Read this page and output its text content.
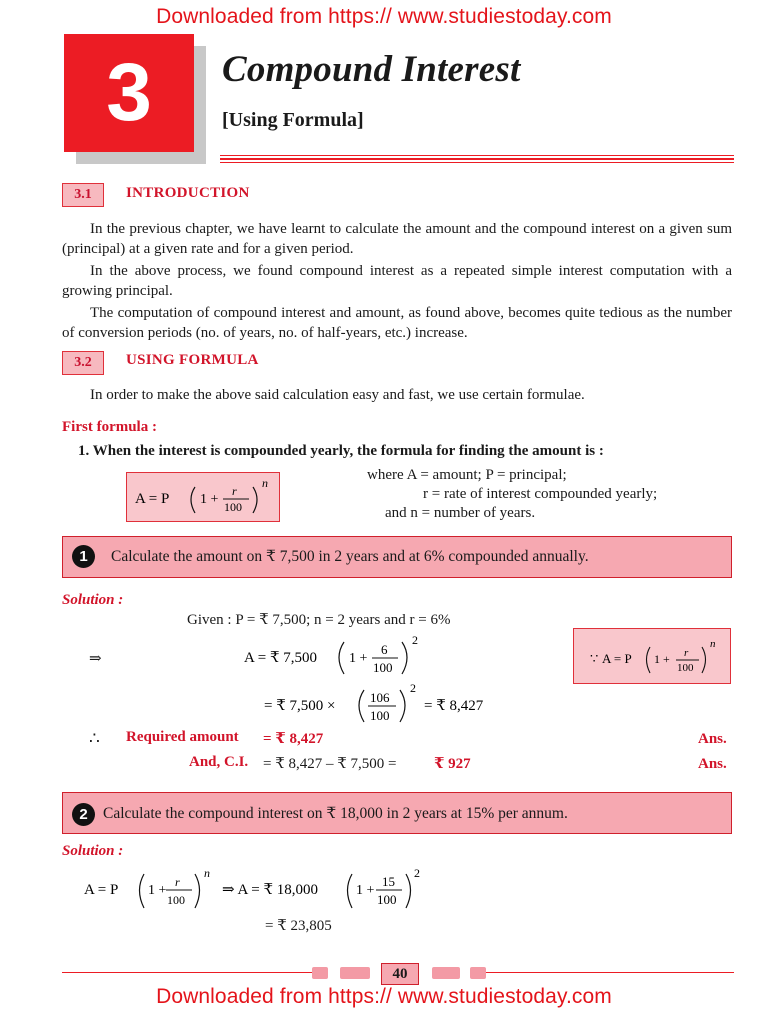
Downloaded from https:// www.studiestoday.com
3	Compound Interest
[Using Formula]
3.1	INTRODUCTION
In the previous chapter, we have learnt to calculate the amount and the compound interest on a given sum (principal) at a given rate and for a given period.
In the above process, we found compound interest as a repeated simple interest computation with a growing principal.
The computation of compound interest and amount, as found above, becomes quite tedious as the number of conversion periods (no. of years, no. of half-years, etc.) increase.
3.2	USING FORMULA
In order to make the above said calculation easy and fast, we use certain formulae.
First formula :
1. When the interest is compounded yearly, the formula for finding the amount is :
A = P 1 +
r
100
n	where A = amount; P = principal;
r = rate of interest compounded yearly;
and n = number of years.
1	Calculate the amount on ₹ 7,500 in 2 years and at 6% compounded annually.
Solution :
Given : P = ₹ 7,500; n = 2 years and r = 6%
⇒	A = ₹ 7,500 1 +
6
100
2
∵ A = P 1 + r
100
n
= ₹ 7,500 ×
106
100
2
= ₹ 8,427
∴ Required amount = ₹ 8,427	Ans.
And, C.I. = ₹ 8,427 – ₹ 7,500 = ₹ 927	Ans.
2 Calculate the compound interest on ₹ 18,000 in 2 years at 15% per annum.
Solution :
A = P 1 +
r
100
n
⇒ A = ₹ 18,000	1 +
15
100
2
= ₹ 23,805
40
Downloaded from https:// www.studiestoday.com
